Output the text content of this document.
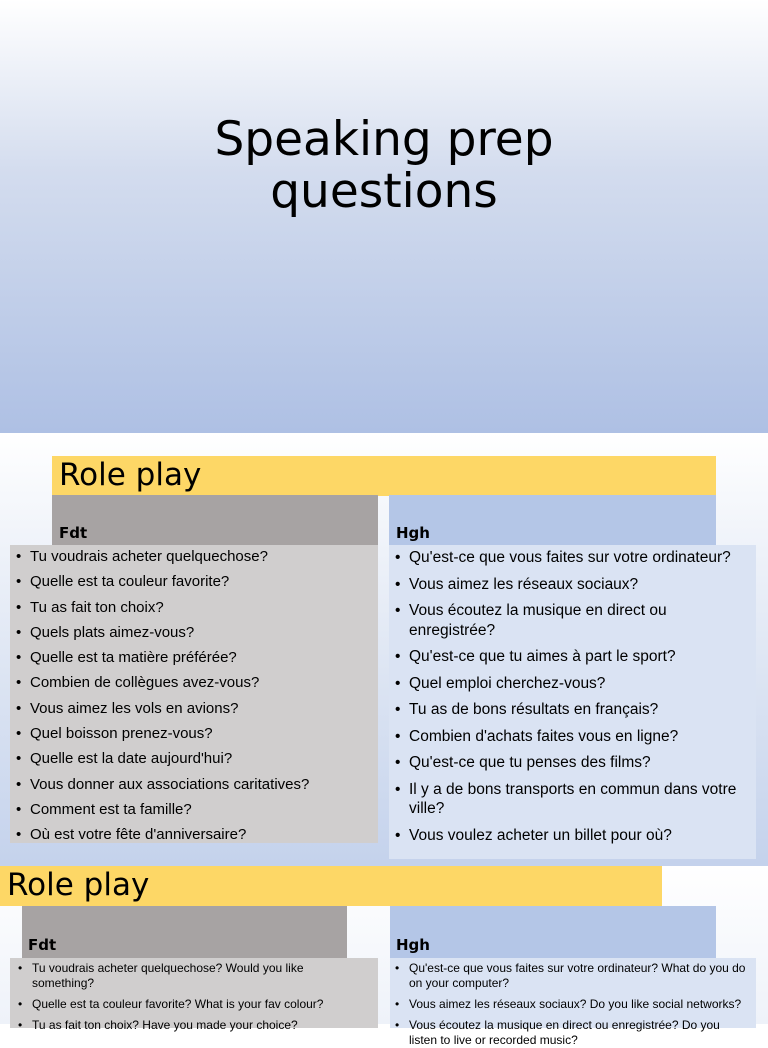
Speaking prep
questions
Role play
Fdt	Hgh
• Tu voudrais acheter quelquechose?
• Quelle est ta couleur favorite?
• Tu as fait ton choix?
• Quels plats aimez-vous?
• Quelle est ta matière préférée?
• Combien de collègues avez-vous?
• Vous aimez les vols en avions?
• Quel boisson prenez-vous?
• Quelle est la date aujourd'hui?
• Vous donner aux associations caritatives?
• Comment est ta famille?
• Où est votre fête d'anniversaire?
• Qu'est-ce que vous faites sur votre ordinateur?
• Vous aimez les réseaux sociaux?
• Vous écoutez la musique en direct ou enregistrée?
• Qu'est-ce que tu aimes à part le sport?
• Quel emploi cherchez-vous?
• Tu as de bons résultats en français?
• Combien d'achats faites vous en ligne?
• Qu'est-ce que tu penses des films?
• Il y a de bons transports en commun dans votre ville?
• Vous voulez acheter un billet pour où?
Role play
Fdt	Hgh
• Tu voudrais acheter quelquechose? Would you like something?
• Quelle est ta couleur favorite? What is your fav colour?
• Tu as fait ton choix? Have you made your choice?
• Qu'est-ce que vous faites sur votre ordinateur? What do you do on your computer?
• Vous aimez les réseaux sociaux? Do you like social networks?
• Vous écoutez la musique en direct ou enregistrée? Do you listen to live or recorded music?
